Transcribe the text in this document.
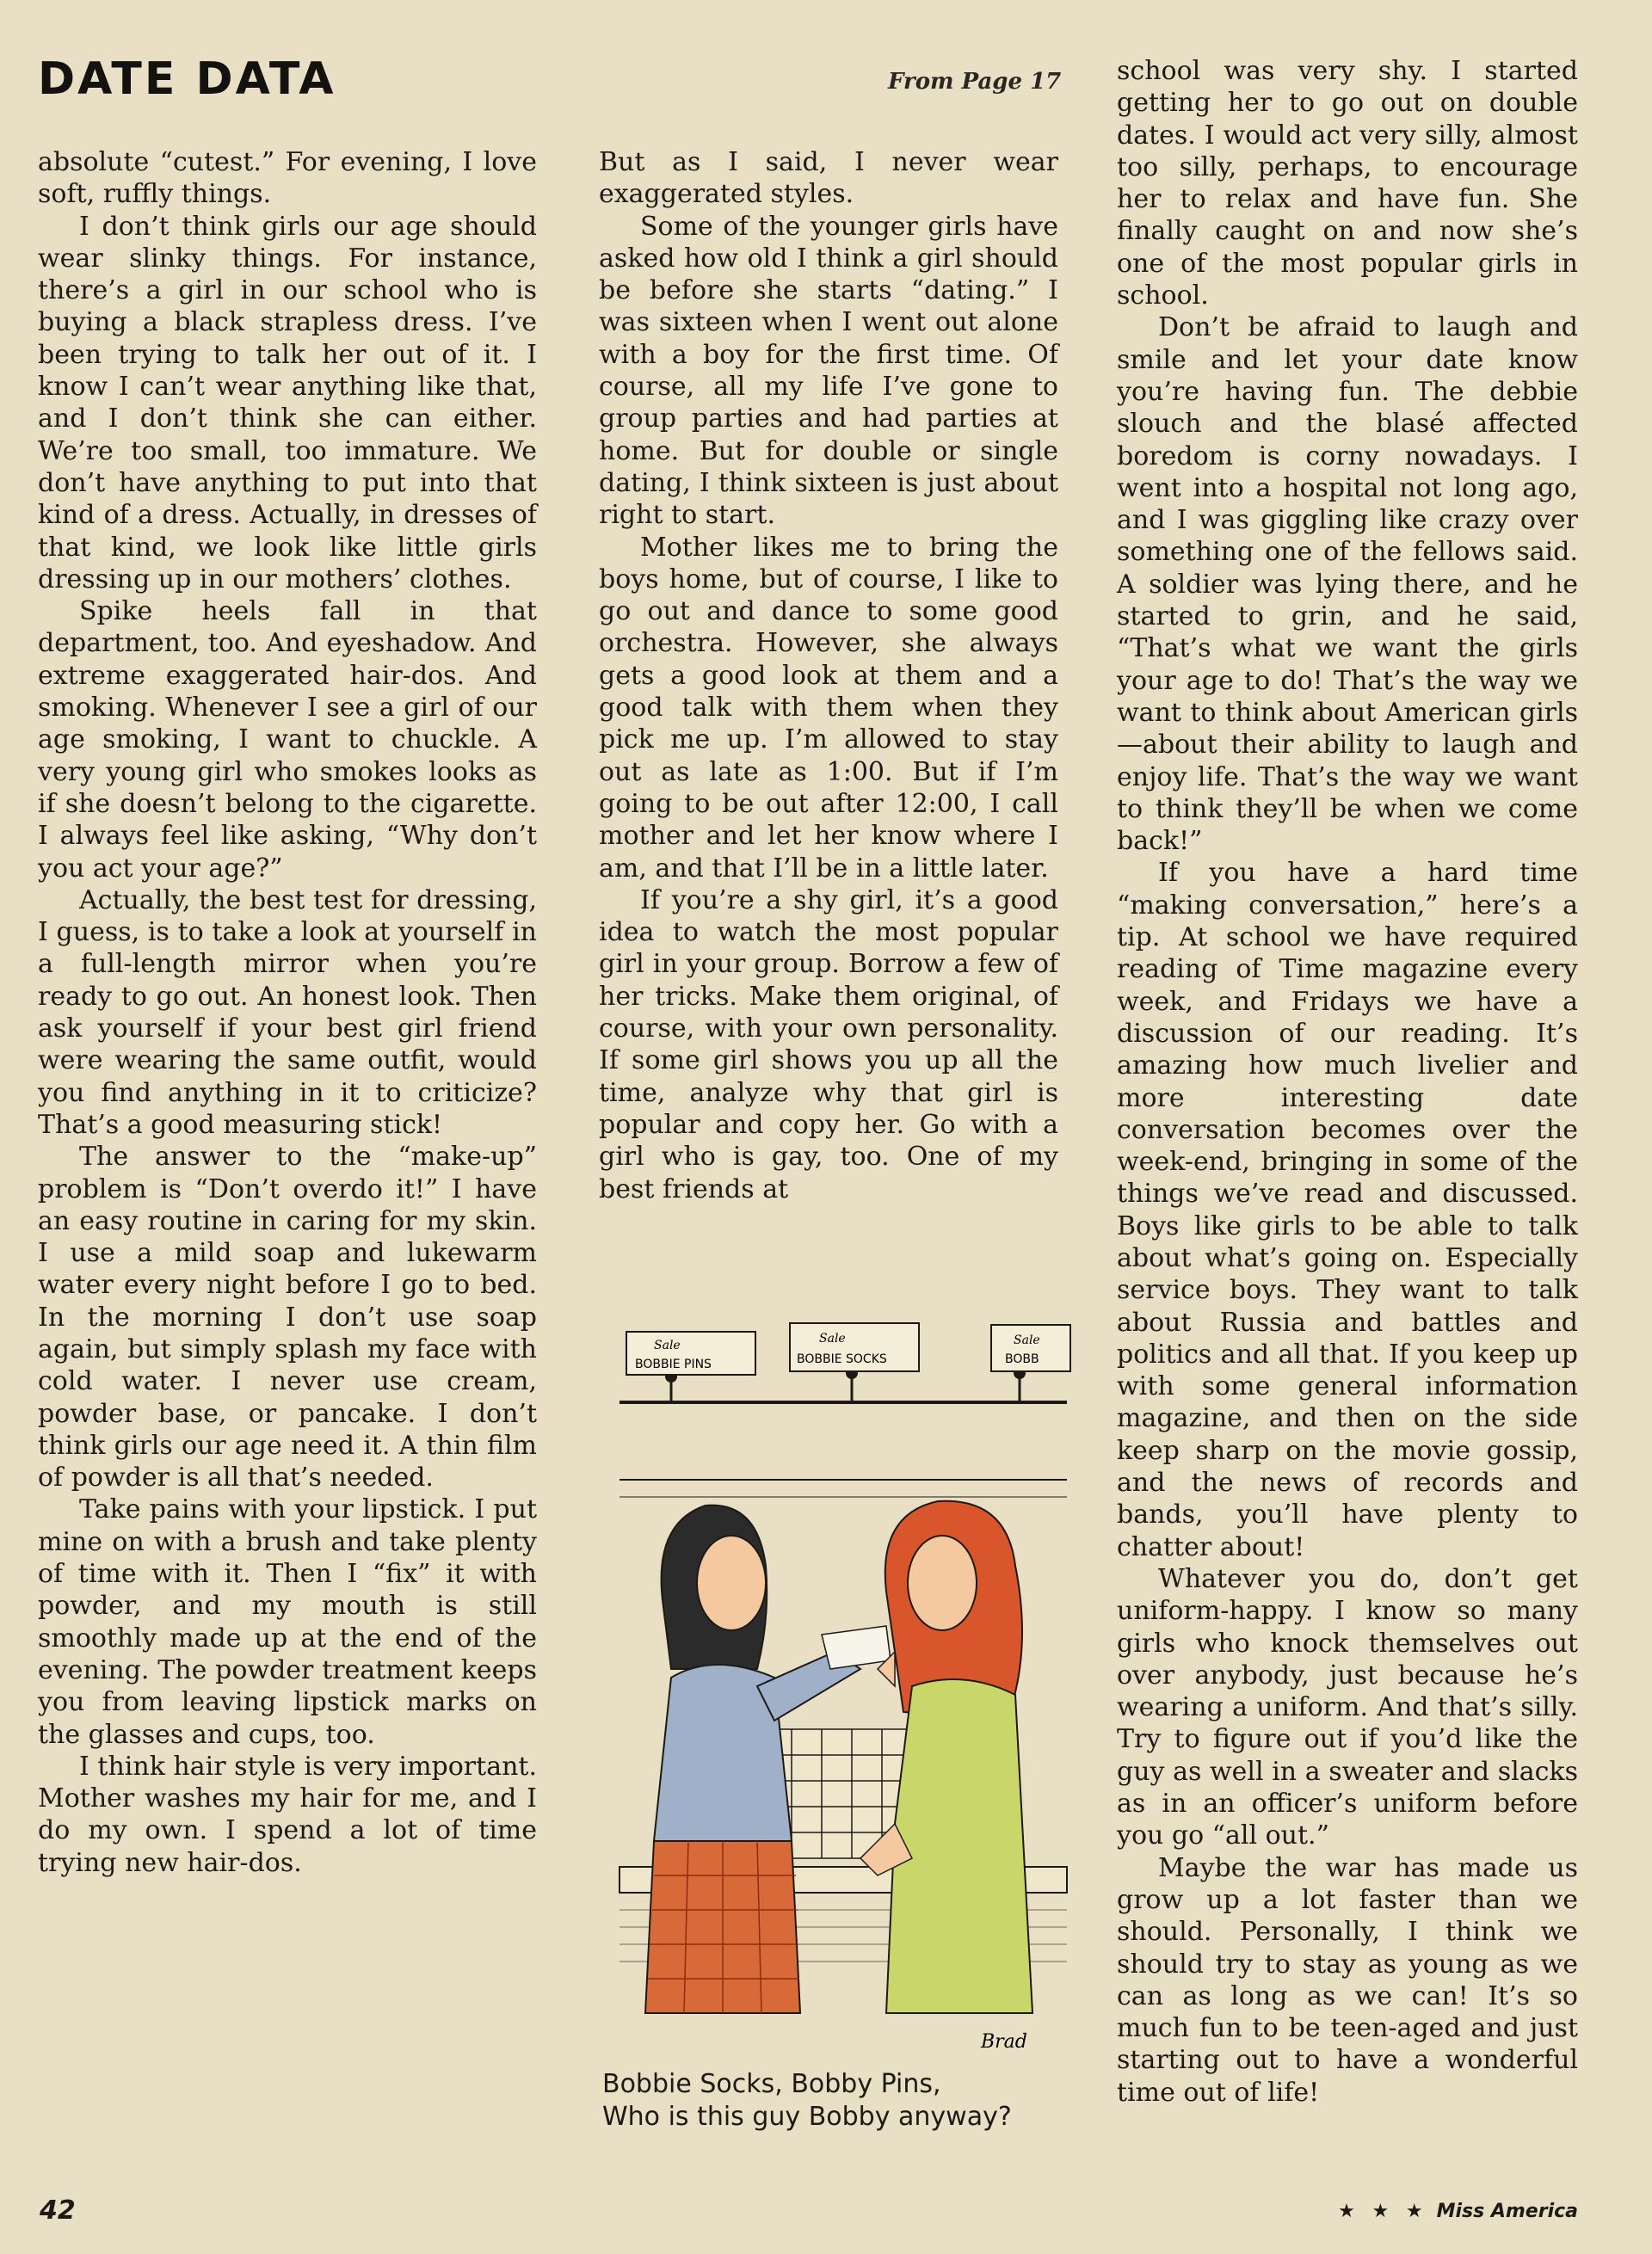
DATE DATA	From Page 17

absolute “cutest.” For evening, I love soft, ruffly things.

I don’t think girls our age should wear slinky things. For instance, there’s a girl in our school who is buying a black strapless dress. I’ve been trying to talk her out of it. I know I can’t wear anything like that, and I don’t think she can either. We’re too small, too immature. We don’t have anything to put into that kind of a dress. Actually, in dresses of that kind, we look like little girls dressing up in our mothers’ clothes.

Spike heels fall in that department, too. And eyeshadow. And extreme exaggerated hair-dos. And smoking. Whenever I see a girl of our age smoking, I want to chuckle. A very young girl who smokes looks as if she doesn’t belong to the cigarette. I always feel like asking, “Why don’t you act your age?”

Actually, the best test for dressing, I guess, is to take a look at yourself in a full-length mirror when you’re ready to go out. An honest look. Then ask yourself if your best girl friend were wearing the same outfit, would you find anything in it to criticize? That’s a good measuring stick!

The answer to the “make-up” problem is “Don’t overdo it!” I have an easy routine in caring for my skin. I use a mild soap and lukewarm water every night before I go to bed. In the morning I don’t use soap again, but simply splash my face with cold water. I never use cream, powder base, or pancake. I don’t think girls our age need it. A thin film of powder is all that’s needed.

Take pains with your lipstick. I put mine on with a brush and take plenty of time with it. Then I “fix” it with powder, and my mouth is still smoothly made up at the end of the evening. The powder treatment keeps you from leaving lipstick marks on the glasses and cups, too.

I think hair style is very important. Mother washes my hair for me, and I do my own. I spend a lot of time trying new hair-dos.

But as I said, I never wear exaggerated styles.

Some of the younger girls have asked how old I think a girl should be before she starts “dating.” I was sixteen when I went out alone with a boy for the first time. Of course, all my life I’ve gone to group parties and had parties at home. But for double or single dating, I think sixteen is just about right to start.

Mother likes me to bring the boys home, but of course, I like to go out and dance to some good orchestra. However, she always gets a good look at them and a good talk with them when they pick me up. I’m allowed to stay out as late as 1:00. But if I’m going to be out after 12:00, I call mother and let her know where I am, and that I’ll be in a little later.

If you’re a shy girl, it’s a good idea to watch the most popular girl in your group. Borrow a few of her tricks. Make them original, of course, with your own personality. If some girl shows you up all the time, analyze why that girl is popular and copy her. Go with a girl who is gay, too. One of my best friends at

school was very shy. I started getting her to go out on double dates. I would act very silly, almost too silly, perhaps, to encourage her to relax and have fun. She finally caught on and now she’s one of the most popular girls in school.

Don’t be afraid to laugh and smile and let your date know you’re having fun. The debbie slouch and the blasé affected boredom is corny nowadays. I went into a hospital not long ago, and I was giggling like crazy over something one of the fellows said. A soldier was lying there, and he started to grin, and he said, “That’s what we want the girls your age to do! That’s the way we want to think about American girls—about their ability to laugh and enjoy life. That’s the way we want to think they’ll be when we come back!”

If you have a hard time “making conversation,” here’s a tip. At school we have required reading of Time magazine every week, and Fridays we have a discussion of our reading. It’s amazing how much livelier and more interesting date conversation becomes over the week-end, bringing in some of the things we’ve read and discussed. Boys like girls to be able to talk about what’s going on. Especially service boys. They want to talk about Russia and battles and politics and all that. If you keep up with some general information magazine, and then on the side keep sharp on the movie gossip, and the news of records and bands, you’ll have plenty to chatter about!

Whatever you do, don’t get uniform-happy. I know so many girls who knock themselves out over anybody, just because he’s wearing a uniform. And that’s silly. Try to figure out if you’d like the guy as well in a sweater and slacks as in an officer’s uniform before you go “all out.”

Maybe the war has made us grow up a lot faster than we should. Personally, I think we should try to stay as young as we can as long as we can! It’s so much fun to be teen-aged and just starting out to have a wonderful time out of life!

Sale
BOBBIE PINS
Sale
BOBBIE SOCKS
Sale
BOBB
Brad
Bobbie Socks, Bobby Pins,
Who is this guy Bobby anyway?
42	★ ★ ★ Miss America
